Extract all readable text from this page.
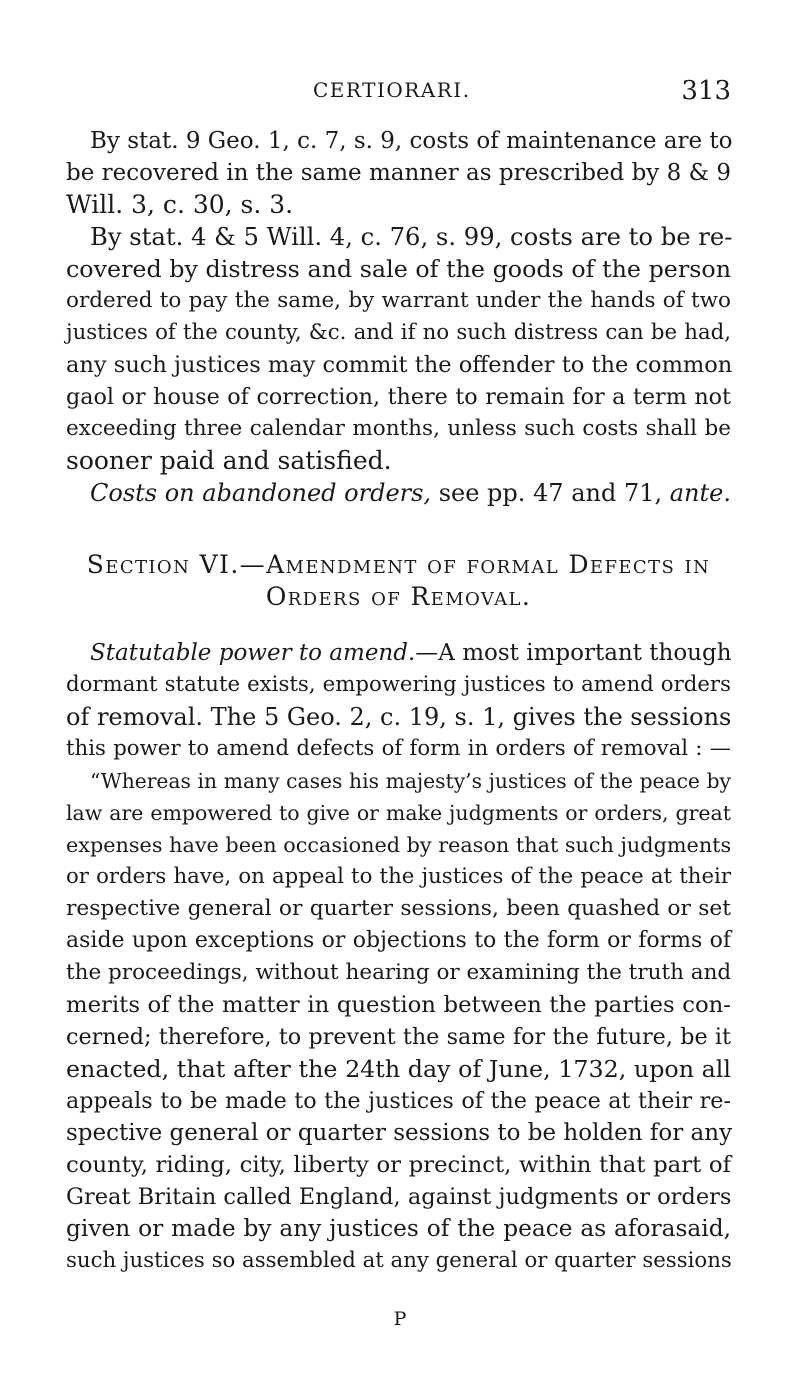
CERTIORARI.	313
By stat. 9 Geo. 1, c. 7, s. 9, costs of maintenance are to
be recovered in the same manner as prescribed by 8 & 9
Will. 3, c. 30, s. 3.
By stat. 4 & 5 Will. 4, c. 76, s. 99, costs are to be re-
covered by distress and sale of the goods of the person
ordered to pay the same, by warrant under the hands of two
justices of the county, &c. and if no such distress can be had,
any such justices may commit the offender to the common
gaol or house of correction, there to remain for a term not
exceeding three calendar months, unless such costs shall be
sooner paid and satisfied.
Costs on abandoned orders, see pp. 47 and 71, ante.
Section VI.—Amendment of formal Defects in
Orders of Removal.
Statutable power to amend.—A most important though
dormant statute exists, empowering justices to amend orders
of removal. The 5 Geo. 2, c. 19, s. 1, gives the sessions
this power to amend defects of form in orders of removal : —
“Whereas in many cases his majesty’s justices of the peace by
law are empowered to give or make judgments or orders, great
expenses have been occasioned by reason that such judgments
or orders have, on appeal to the justices of the peace at their
respective general or quarter sessions, been quashed or set
aside upon exceptions or objections to the form or forms of
the proceedings, without hearing or examining the truth and
merits of the matter in question between the parties con-
cerned; therefore, to prevent the same for the future, be it
enacted, that after the 24th day of June, 1732, upon all
appeals to be made to the justices of the peace at their re-
spective general or quarter sessions to be holden for any
county, riding, city, liberty or precinct, within that part of
Great Britain called England, against judgments or orders
given or made by any justices of the peace as aforasaid,
such justices so assembled at any general or quarter sessions
P
